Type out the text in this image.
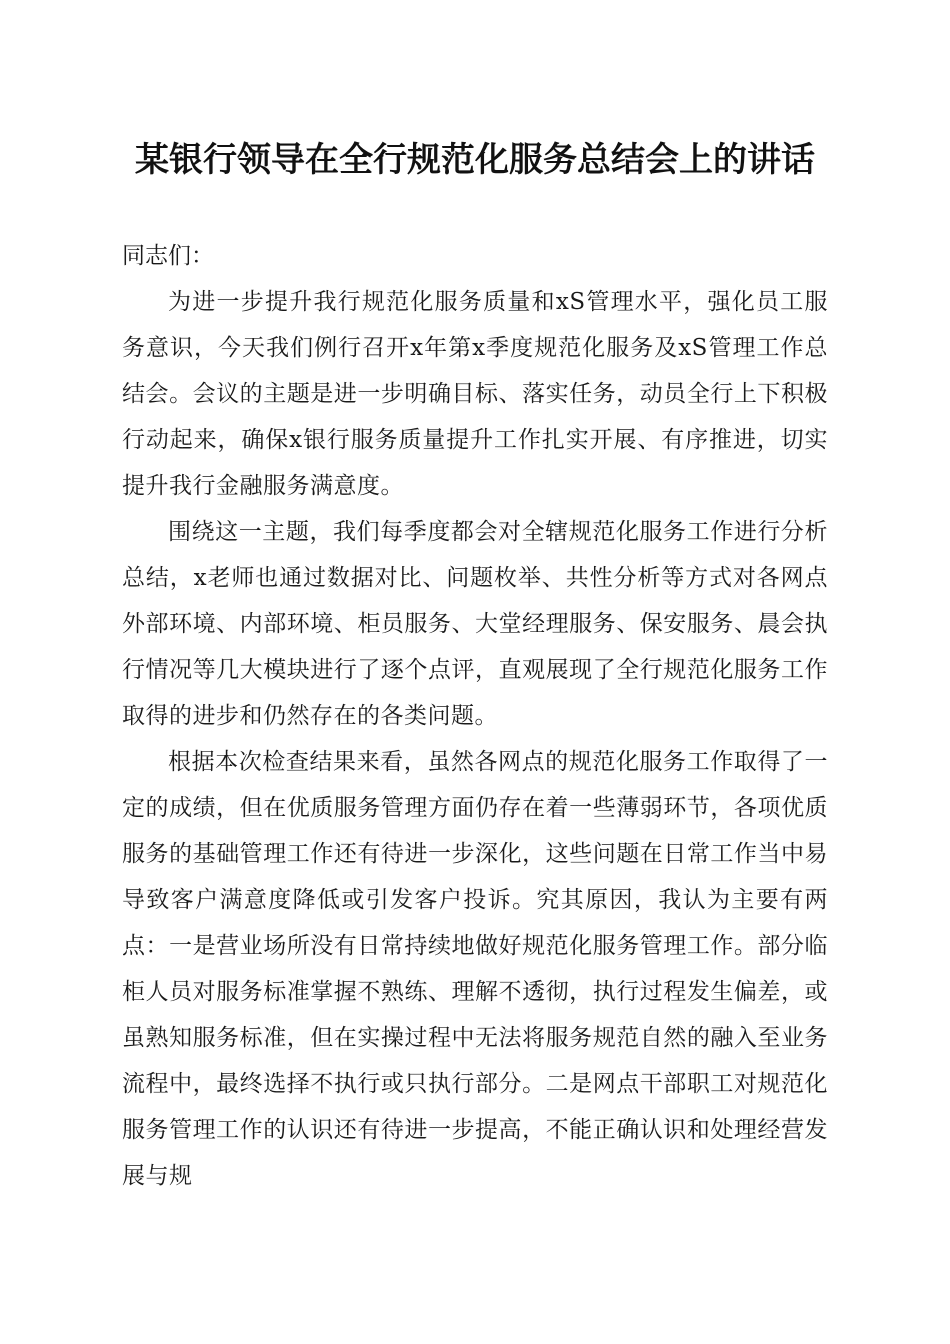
某银行领导在全行规范化服务总结会上的讲话

同志们：

为进一步提升我行规范化服务质量和xS管理水平，强化员工服务意识，今天我们例行召开x年第x季度规范化服务及xS管理工作总结会。会议的主题是进一步明确目标、落实任务，动员全行上下积极行动起来，确保x银行服务质量提升工作扎实开展、有序推进，切实提升我行金融服务满意度。

围绕这一主题，我们每季度都会对全辖规范化服务工作进行分析总结，x老师也通过数据对比、问题枚举、共性分析等方式对各网点外部环境、内部环境、柜员服务、大堂经理服务、保安服务、晨会执行情况等几大模块进行了逐个点评，直观展现了全行规范化服务工作取得的进步和仍然存在的各类问题。

根据本次检查结果来看，虽然各网点的规范化服务工作取得了一定的成绩，但在优质服务管理方面仍存在着一些薄弱环节，各项优质服务的基础管理工作还有待进一步深化，这些问题在日常工作当中易导致客户满意度降低或引发客户投诉。究其原因，我认为主要有两点：一是营业场所没有日常持续地做好规范化服务管理工作。部分临柜人员对服务标准掌握不熟练、理解不透彻，执行过程发生偏差，或虽熟知服务标准，但在实操过程中无法将服务规范自然的融入至业务流程中，最终选择不执行或只执行部分。二是网点干部职工对规范化服务管理工作的认识还有待进一步提高，不能正确认识和处理经营发展与规
